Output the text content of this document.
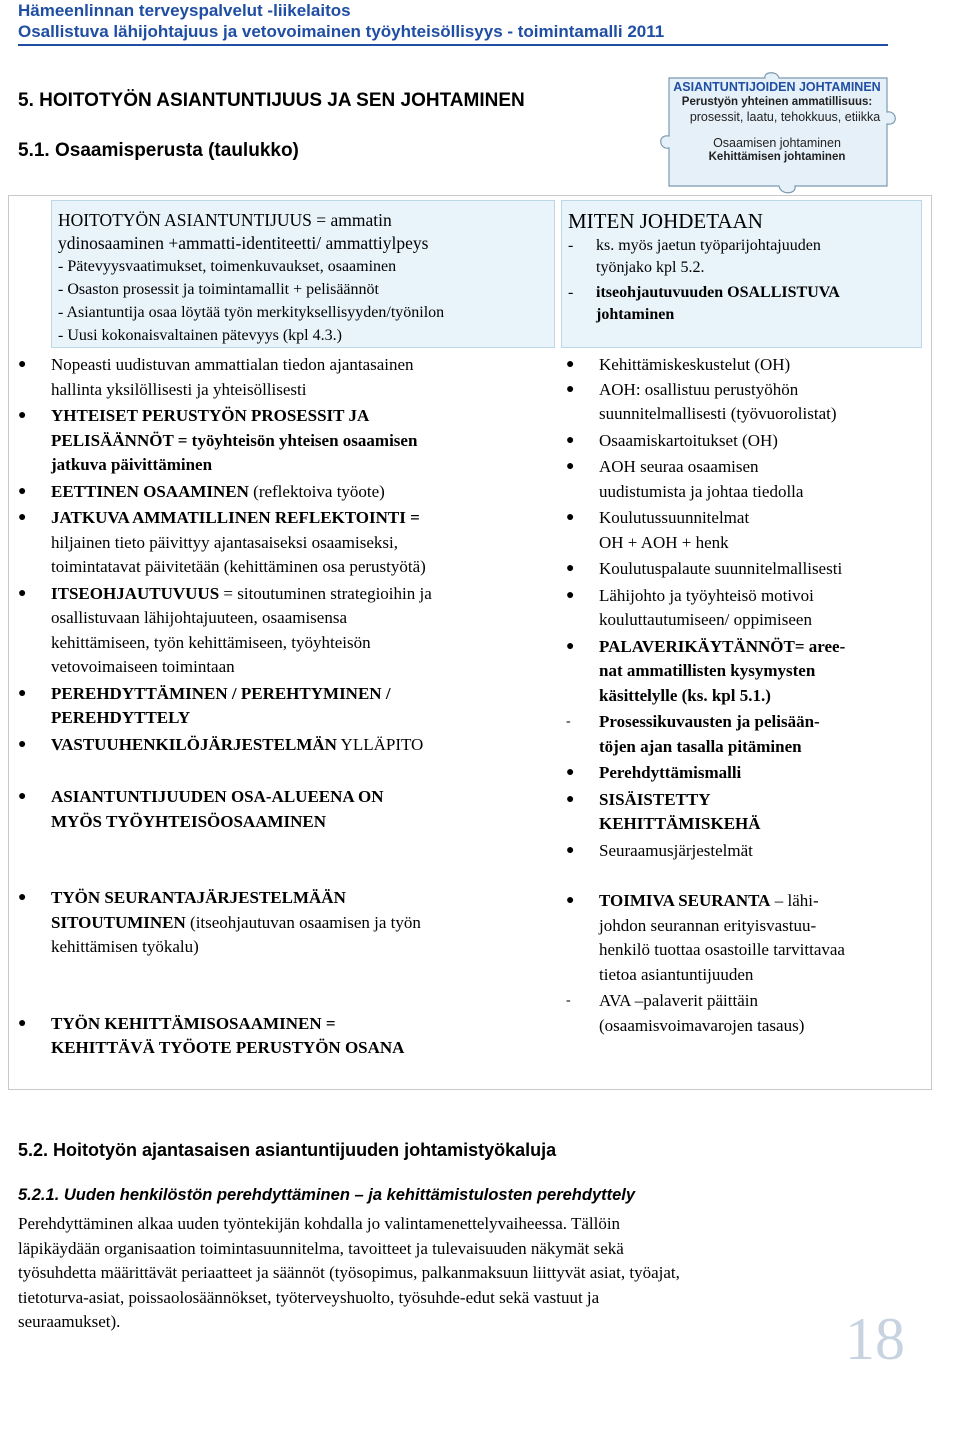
Hämeenlinnan terveyspalvelut -liikelaitos
Osallistuva lähijohtajuus ja vetovoimainen työyhteisöllisyys - toimintamalli 2011
5. HOITOTYÖN ASIANTUNTIJUUS JA SEN JOHTAMINEN
5.1. Osaamisperusta (taulukko)
ASIANTUNTIJOIDEN JOHTAMINEN
Perustyön yhteinen ammatillisuus:
prosessit, laatu, tehokkuus, etiikka
Osaamisen johtaminen
Kehittämisen johtaminen
HOITOTYÖN ASIANTUNTIJUUS = ammatin
ydinosaaminen +ammatti-identiteetti/ ammattiylpeys
- Pätevyysvaatimukset, toimenkuvaukset, osaaminen
- Osaston prosessit ja toimintamallit + pelisäännöt
- Asiantuntija osaa löytää työn merkityksellisyyden/työnilon
- Uusi kokonaisvaltainen pätevyys (kpl 4.3.)
MITEN JOHDETAAN
- ks. myös jaetun työparijohtajuuden
työnjako kpl 5.2.
- itseohjautuvuuden OSALLISTUVA
johtaminen
● Nopeasti uudistuvan ammattialan tiedon ajantasainen
hallinta yksilöllisesti ja yhteisöllisesti
● YHTEISET PERUSTYÖN PROSESSIT JA
PELISÄÄNNÖT = työyhteisön yhteisen osaamisen
jatkuva päivittäminen
● EETTINEN OSAAMINEN (reflektoiva työote)
● JATKUVA AMMATILLINEN REFLEKTOINTI =
hiljainen tieto päivittyy ajantasaiseksi osaamiseksi,
toimintatavat päivitetään (kehittäminen osa perustyötä)
● ITSEOHJAUTUVUUS = sitoutuminen strategioihin ja
osallistuvaan lähijohtajuuteen, osaamisensa
kehittämiseen, työn kehittämiseen, työyhteisön
vetovoimaiseen toimintaan
● PEREHDYTTÄMINEN / PEREHTYMINEN /
PEREHDYTTELY
● VASTUUHENKILÖJÄRJESTELMÄN YLLÄPITO
● ASIANTUNTIJUUDEN OSA-ALUEENA ON
MYÖS TYÖYHTEISÖOSAAMINEN
● TYÖN SEURANTAJÄRJESTELMÄÄN
SITOUTUMINEN (itseohjautuvan osaamisen ja työn
kehittämisen työkalu)
● TYÖN KEHITTÄMISOSAAMINEN =
KEHITTÄVÄ TYÖOTE PERUSTYÖN OSANA
● Kehittämiskeskustelut (OH)
● AOH: osallistuu perustyöhön
suunnitelmallisesti (työvuorolistat)
● Osaamiskartoitukset (OH)
● AOH seuraa osaamisen
uudistumista ja johtaa tiedolla
● Koulutussuunnitelmat
OH + AOH + henk
● Koulutuspalaute suunnitelmallisesti
● Lähijohto ja työyhteisö motivoi
kouluttautumiseen/ oppimiseen
● PALAVERIKÄYTÄNNÖT= aree-
nat ammatillisten kysymysten
käsittelylle (ks. kpl 5.1.)
- Prosessikuvausten ja pelisään-
töjen ajan tasalla pitäminen
● Perehdyttämismalli
● SISÄISTETTY
KEHITTÄMISKEHÄ
● Seuraamusjärjestelmät
● TOIMIVA SEURANTA – lähi-
johdon seurannan erityisvastuu-
henkilö tuottaa osastoille tarvittavaa
tietoa asiantuntijuuden
- AVA –palaverit päittäin
(osaamisvoimavarojen tasaus)
5.2. Hoitotyön ajantasaisen asiantuntijuuden johtamistyökaluja
5.2.1. Uuden henkilöstön perehdyttäminen – ja kehittämistulosten perehdyttely
Perehdyttäminen alkaa uuden työntekijän kohdalla jo valintamenettelyvaiheessa. Tällöin
läpikäydään organisaation toimintasuunnitelma, tavoitteet ja tulevaisuuden näkymät sekä
työsuhdetta määrittävät periaatteet ja säännöt (työsopimus, palkanmaksuun liittyvät asiat, työajat,
tietoturva-asiat, poissaolosäännökset, työterveyshuolto, työsuhde-edut sekä vastuut ja
seuraamukset).	18
